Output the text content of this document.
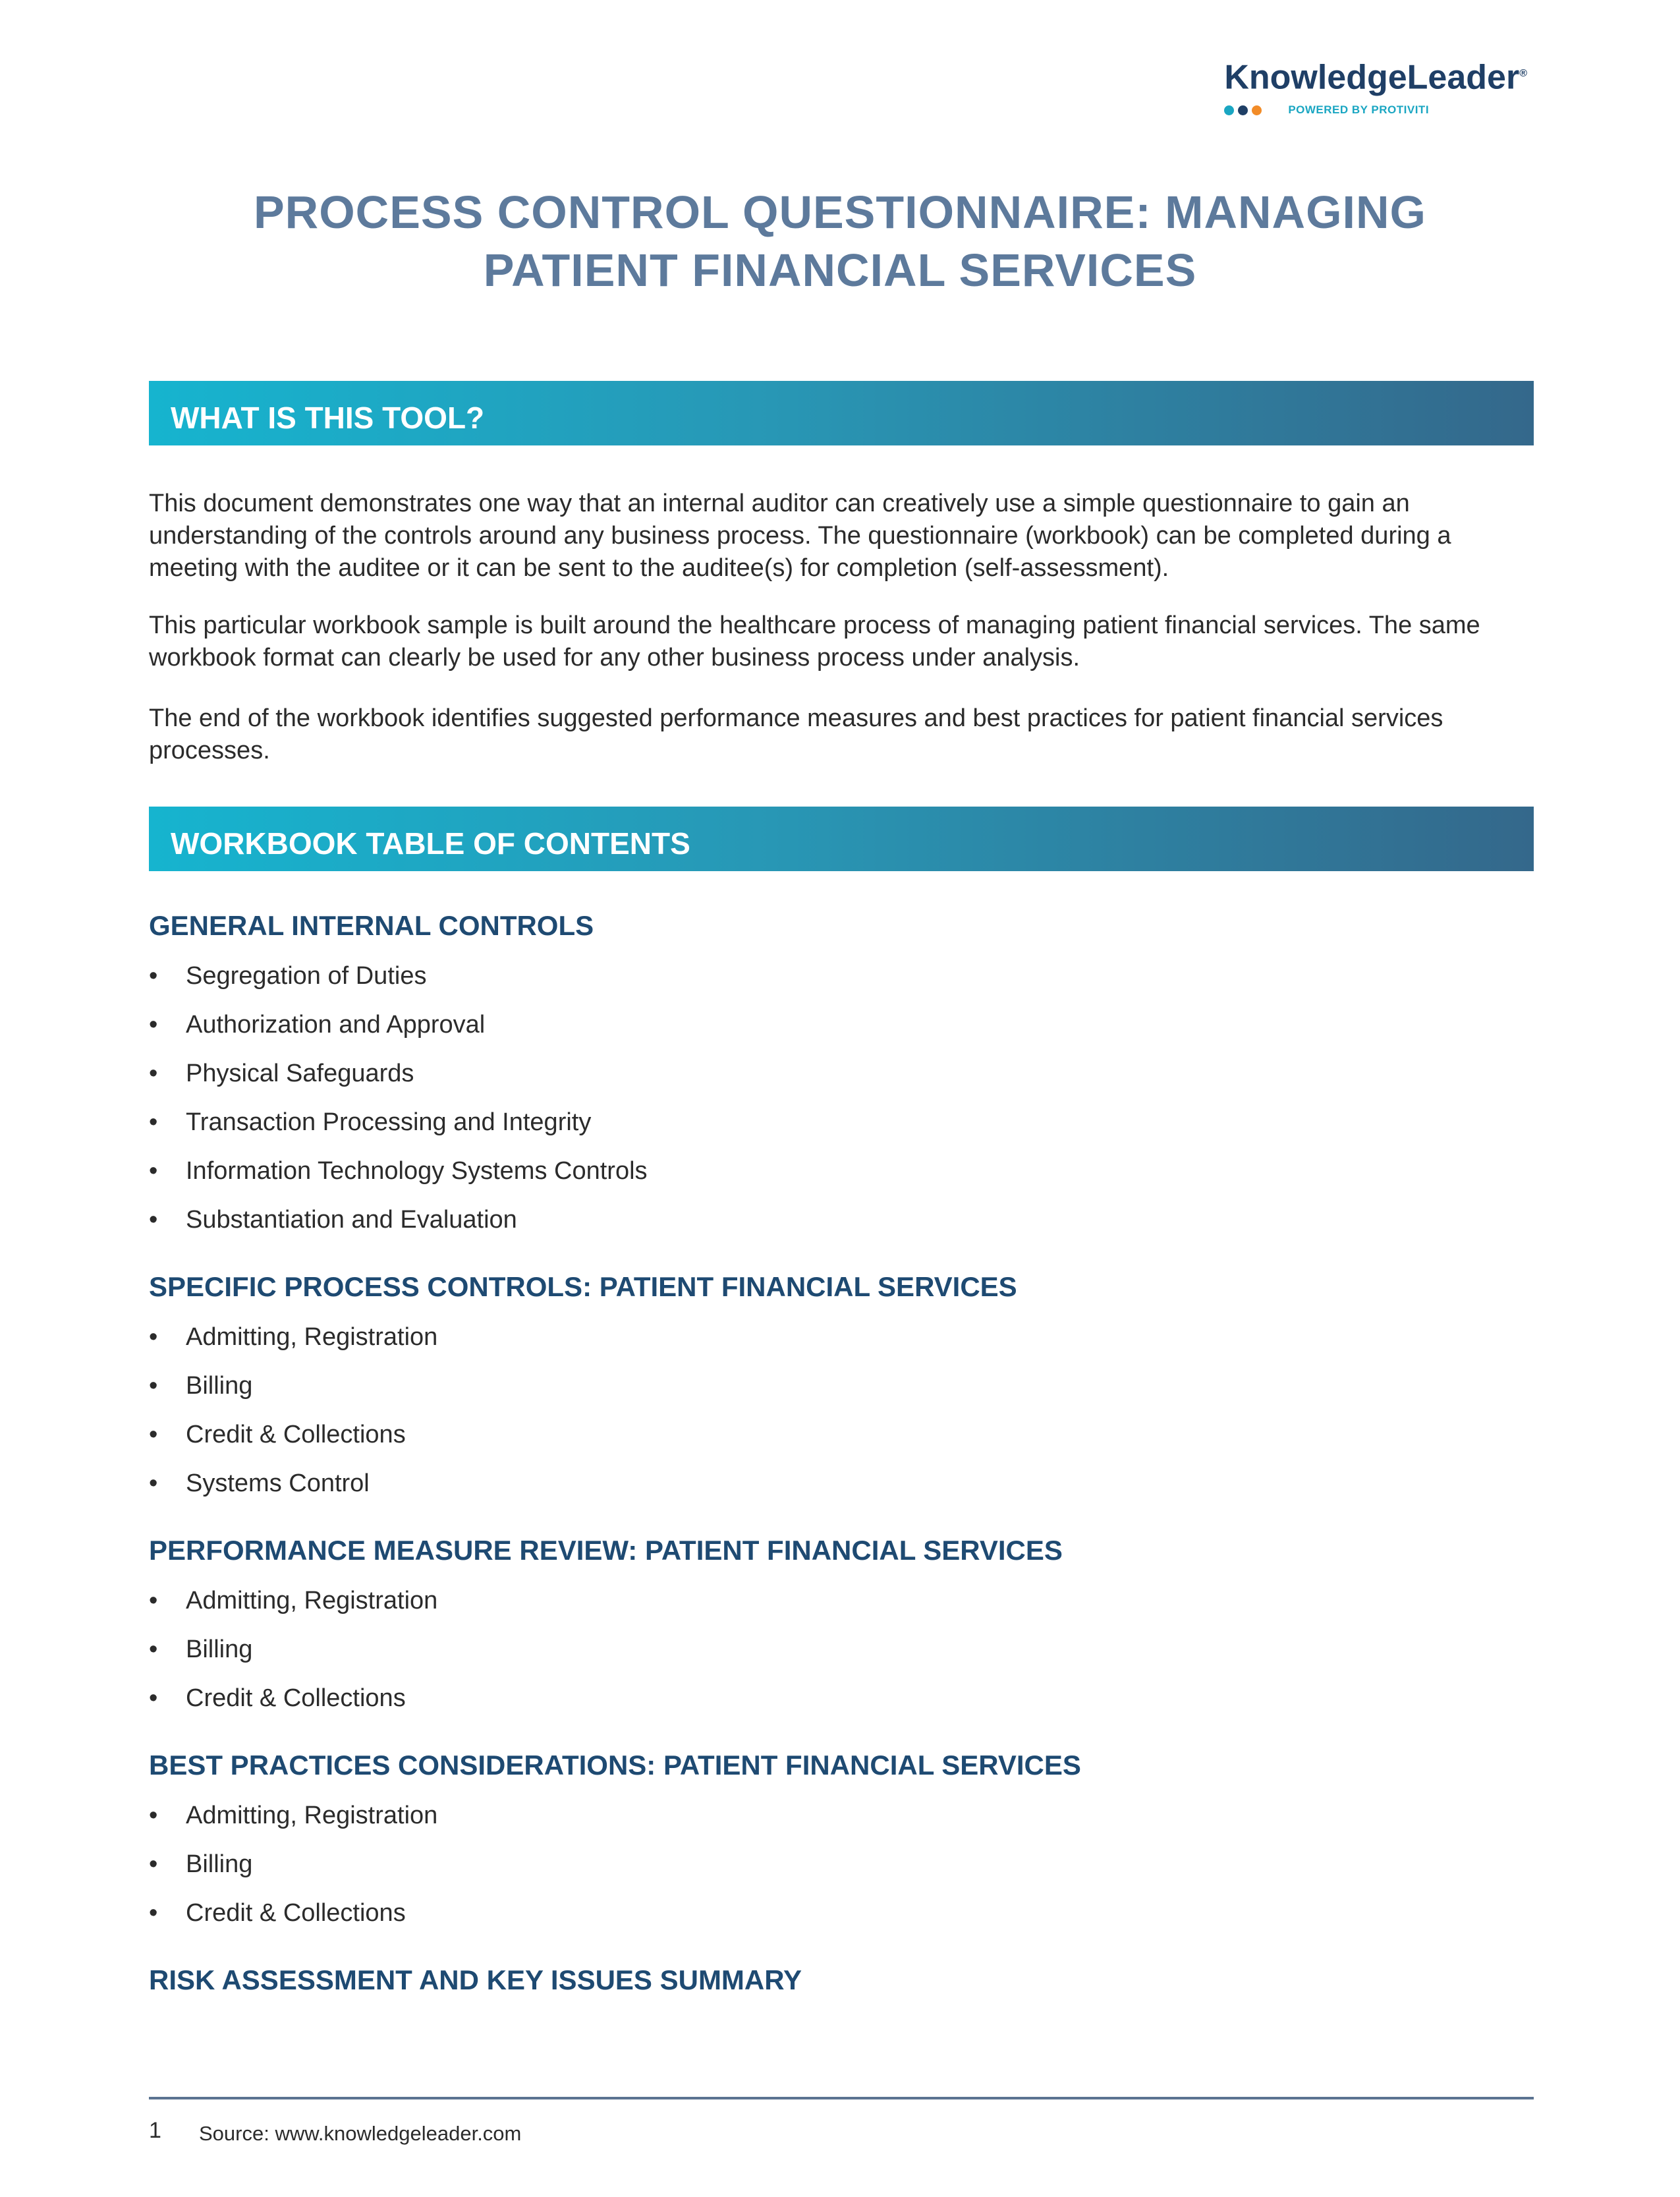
KnowledgeLeader®
POWERED BY PROTIVITI
PROCESS CONTROL QUESTIONNAIRE: MANAGING
PATIENT FINANCIAL SERVICES
WHAT IS THIS TOOL?
This document demonstrates one way that an internal auditor can creatively use a simple questionnaire to gain an understanding of the controls around any business process. The questionnaire (workbook) can be completed during a meeting with the auditee or it can be sent to the auditee(s) for completion (self-assessment).
This particular workbook sample is built around the healthcare process of managing patient financial services. The same workbook format can clearly be used for any other business process under analysis.
The end of the workbook identifies suggested performance measures and best practices for patient financial services processes.
WORKBOOK TABLE OF CONTENTS
GENERAL INTERNAL CONTROLS
•	Segregation of Duties
•	Authorization and Approval
•	Physical Safeguards
•	Transaction Processing and Integrity
•	Information Technology Systems Controls
•	Substantiation and Evaluation
SPECIFIC PROCESS CONTROLS: PATIENT FINANCIAL SERVICES
•	Admitting, Registration
•	Billing
•	Credit & Collections
•	Systems Control
PERFORMANCE MEASURE REVIEW: PATIENT FINANCIAL SERVICES
•	Admitting, Registration
•	Billing
•	Credit & Collections
BEST PRACTICES CONSIDERATIONS: PATIENT FINANCIAL SERVICES
•	Admitting, Registration
•	Billing
•	Credit & Collections
RISK ASSESSMENT AND KEY ISSUES SUMMARY
1 Source: www.knowledgeleader.com
